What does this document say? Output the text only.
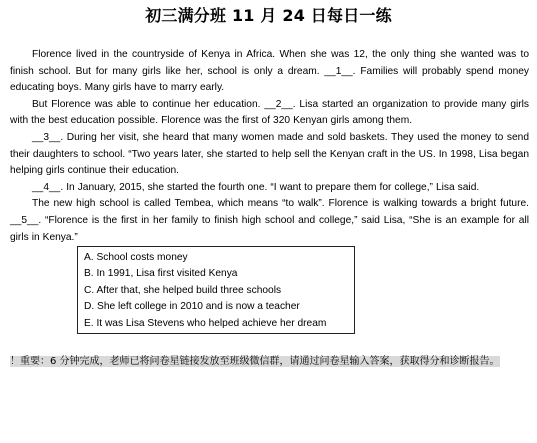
初三满分班 11 月 24 日每日一练

Florence lived in the countryside of Kenya in Africa. When she was 12, the only thing she wanted was to finish school. But for many girls like her, school is only a dream. __1__. Families will probably spend money educating boys. Many girls have to marry early.

But Florence was able to continue her education. __2__. Lisa started an organization to provide many girls with the best education possible. Florence was the first of 320 Kenyan girls among them.

__3__. During her visit, she heard that many women made and sold baskets. They used the money to send their daughters to school. “Two years later, she started to help sell the Kenyan craft in the US. In 1998, Lisa began helping girls continue their education.

__4__. In January, 2015, she started the fourth one. “I want to prepare them for college,” Lisa said.

The new high school is called Tembea, which means “to walk”. Florence is walking towards a bright future. __5__. “Florence is the first in her family to finish high school and college,” said Lisa, “She is an example for all girls in Kenya.”

A. School costs money
B. In 1991, Lisa first visited Kenya
C. After that, she helped build three schools
D. She left college in 2010 and is now a teacher
E. It was Lisa Stevens who helped achieve her dream
！重要：6 分钟完成，老师已将问卷星链接发放至班级微信群，请通过问卷星输入答案，获取得分和诊断报告。
